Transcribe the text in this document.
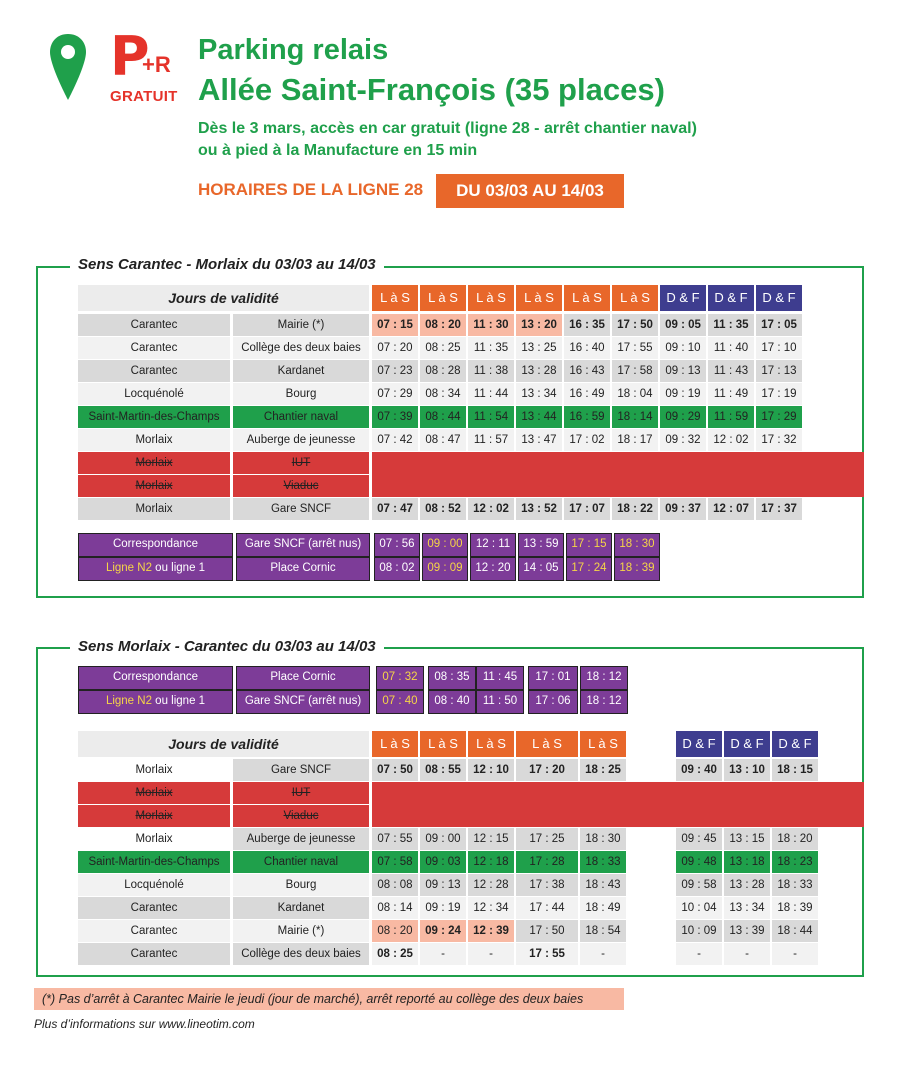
P
+R
GRATUIT
Parking relais
Allée Saint-François (35 places)
Dès le 3 mars, accès en car gratuit (ligne 28 - arrêt chantier naval)
ou à pied à la Manufacture en 15 min
HORAIRES DE LA LIGNE 28	DU 03/03 AU 14/03
Sens Carantec - Morlaix du 03/03 au 14/03
Sens Morlaix - Carantec du 03/03 au 14/03
Jours de validité	L à S	L à S	L à S	L à S	L à S	L à S	D & F	D & F	D & F
Carantec	Mairie (*)	07 : 15	08 : 20	11 : 30	13 : 20	16 : 35	17 : 50	09 : 05	11 : 35	17 : 05
Carantec	Collège des deux baies	07 : 20	08 : 25	11 : 35	13 : 25	16 : 40	17 : 55	09 : 10	11 : 40	17 : 10
Carantec	Kardanet	07 : 23	08 : 28	11 : 38	13 : 28	16 : 43	17 : 58	09 : 13	11 : 43	17 : 13
Locquénolé	Bourg	07 : 29	08 : 34	11 : 44	13 : 34	16 : 49	18 : 04	09 : 19	11 : 49	17 : 19
Saint-Martin-des-Champs	Chantier naval	07 : 39	08 : 44	11 : 54	13 : 44	16 : 59	18 : 14	09 : 29	11 : 59	17 : 29
Morlaix	Auberge de jeunesse	07 : 42	08 : 47	11 : 57	13 : 47	17 : 02	18 : 17	09 : 32	12 : 02	17 : 32
Morlaix	IUT
Morlaix	Viaduc
Morlaix	Gare SNCF	07 : 47	08 : 52	12 : 02	13 : 52	17 : 07	18 : 22	09 : 37	12 : 07	17 : 37
Correspondance	Gare SNCF (arrêt nus)	07 : 56	09 : 00	12 : 11	13 : 59	17 : 15	18 : 30
Ligne N2 ou ligne 1	Place Cornic	08 : 02	09 : 09	12 : 20	14 : 05	17 : 24	18 : 39
Correspondance	Place Cornic	07 : 32	08 : 35	11 : 45	17 : 01	18 : 12
Ligne N2 ou ligne 1	Gare SNCF (arrêt nus)	07 : 40	08 : 40	11 : 50	17 : 06	18 : 12
Jours de validité	L à S	L à S	L à S	L à S	L à S	D & F	D & F	D & F
Morlaix	Gare SNCF	07 : 50	08 : 55	12 : 10	17 : 20	18 : 25	09 : 40	13 : 10	18 : 15
Morlaix	IUT
Morlaix	Viaduc
Morlaix	Auberge de jeunesse	07 : 55	09 : 00	12 : 15	17 : 25	18 : 30	09 : 45	13 : 15	18 : 20
Saint-Martin-des-Champs	Chantier naval	07 : 58	09 : 03	12 : 18	17 : 28	18 : 33	09 : 48	13 : 18	18 : 23
Locquénolé	Bourg	08 : 08	09 : 13	12 : 28	17 : 38	18 : 43	09 : 58	13 : 28	18 : 33
Carantec	Kardanet	08 : 14	09 : 19	12 : 34	17 : 44	18 : 49	10 : 04	13 : 34	18 : 39
Carantec	Mairie (*)	08 : 20	09 : 24	12 : 39	17 : 50	18 : 54	10 : 09	13 : 39	18 : 44
Carantec	Collège des deux baies	08 : 25	-	-	17 : 55	-	-	-	-
(*) Pas d’arrêt à Carantec Mairie le jeudi (jour de marché), arrêt reporté au collège des deux baies
Plus d’informations sur www.lineotim.com
